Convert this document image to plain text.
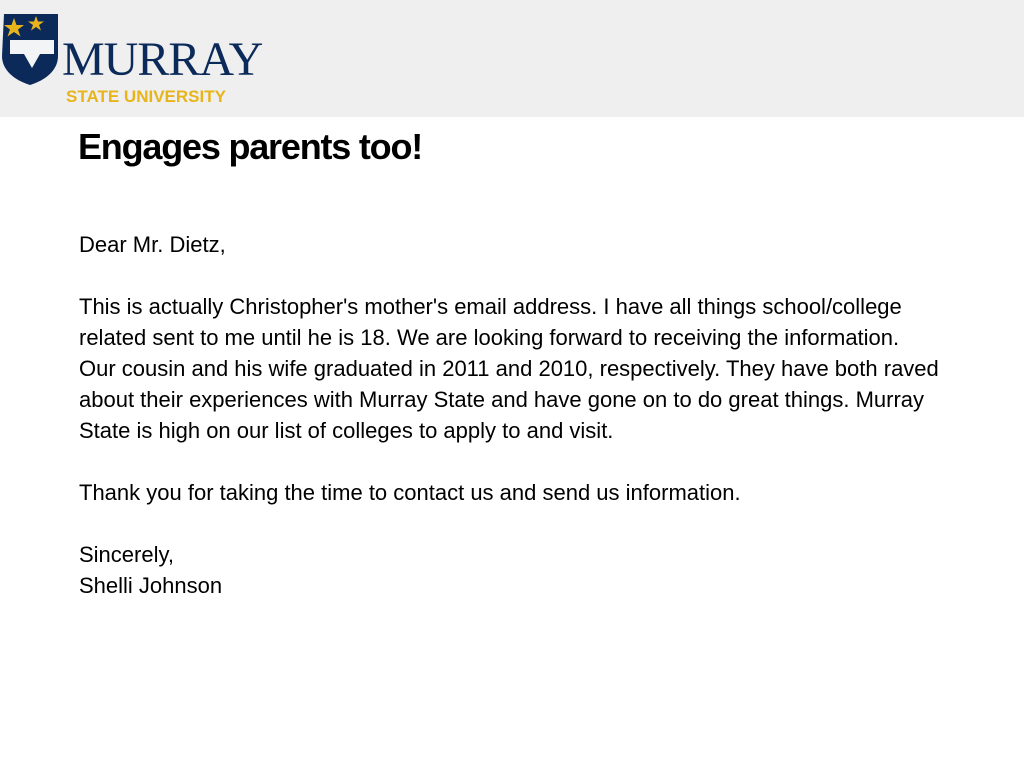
MURRAY
STATE UNIVERSITY
Engages parents too!

Dear Mr. Dietz,

This is actually Christopher's mother's email address. I have all things school/college related sent to me until he is 18. We are looking forward to receiving the information. Our cousin and his wife graduated in 2011 and 2010, respectively. They have both raved about their experiences with Murray State and have gone on to do great things. Murray State is high on our list of colleges to apply to and visit.

Thank you for taking the time to contact us and send us information.

Sincerely,

Shelli Johnson
